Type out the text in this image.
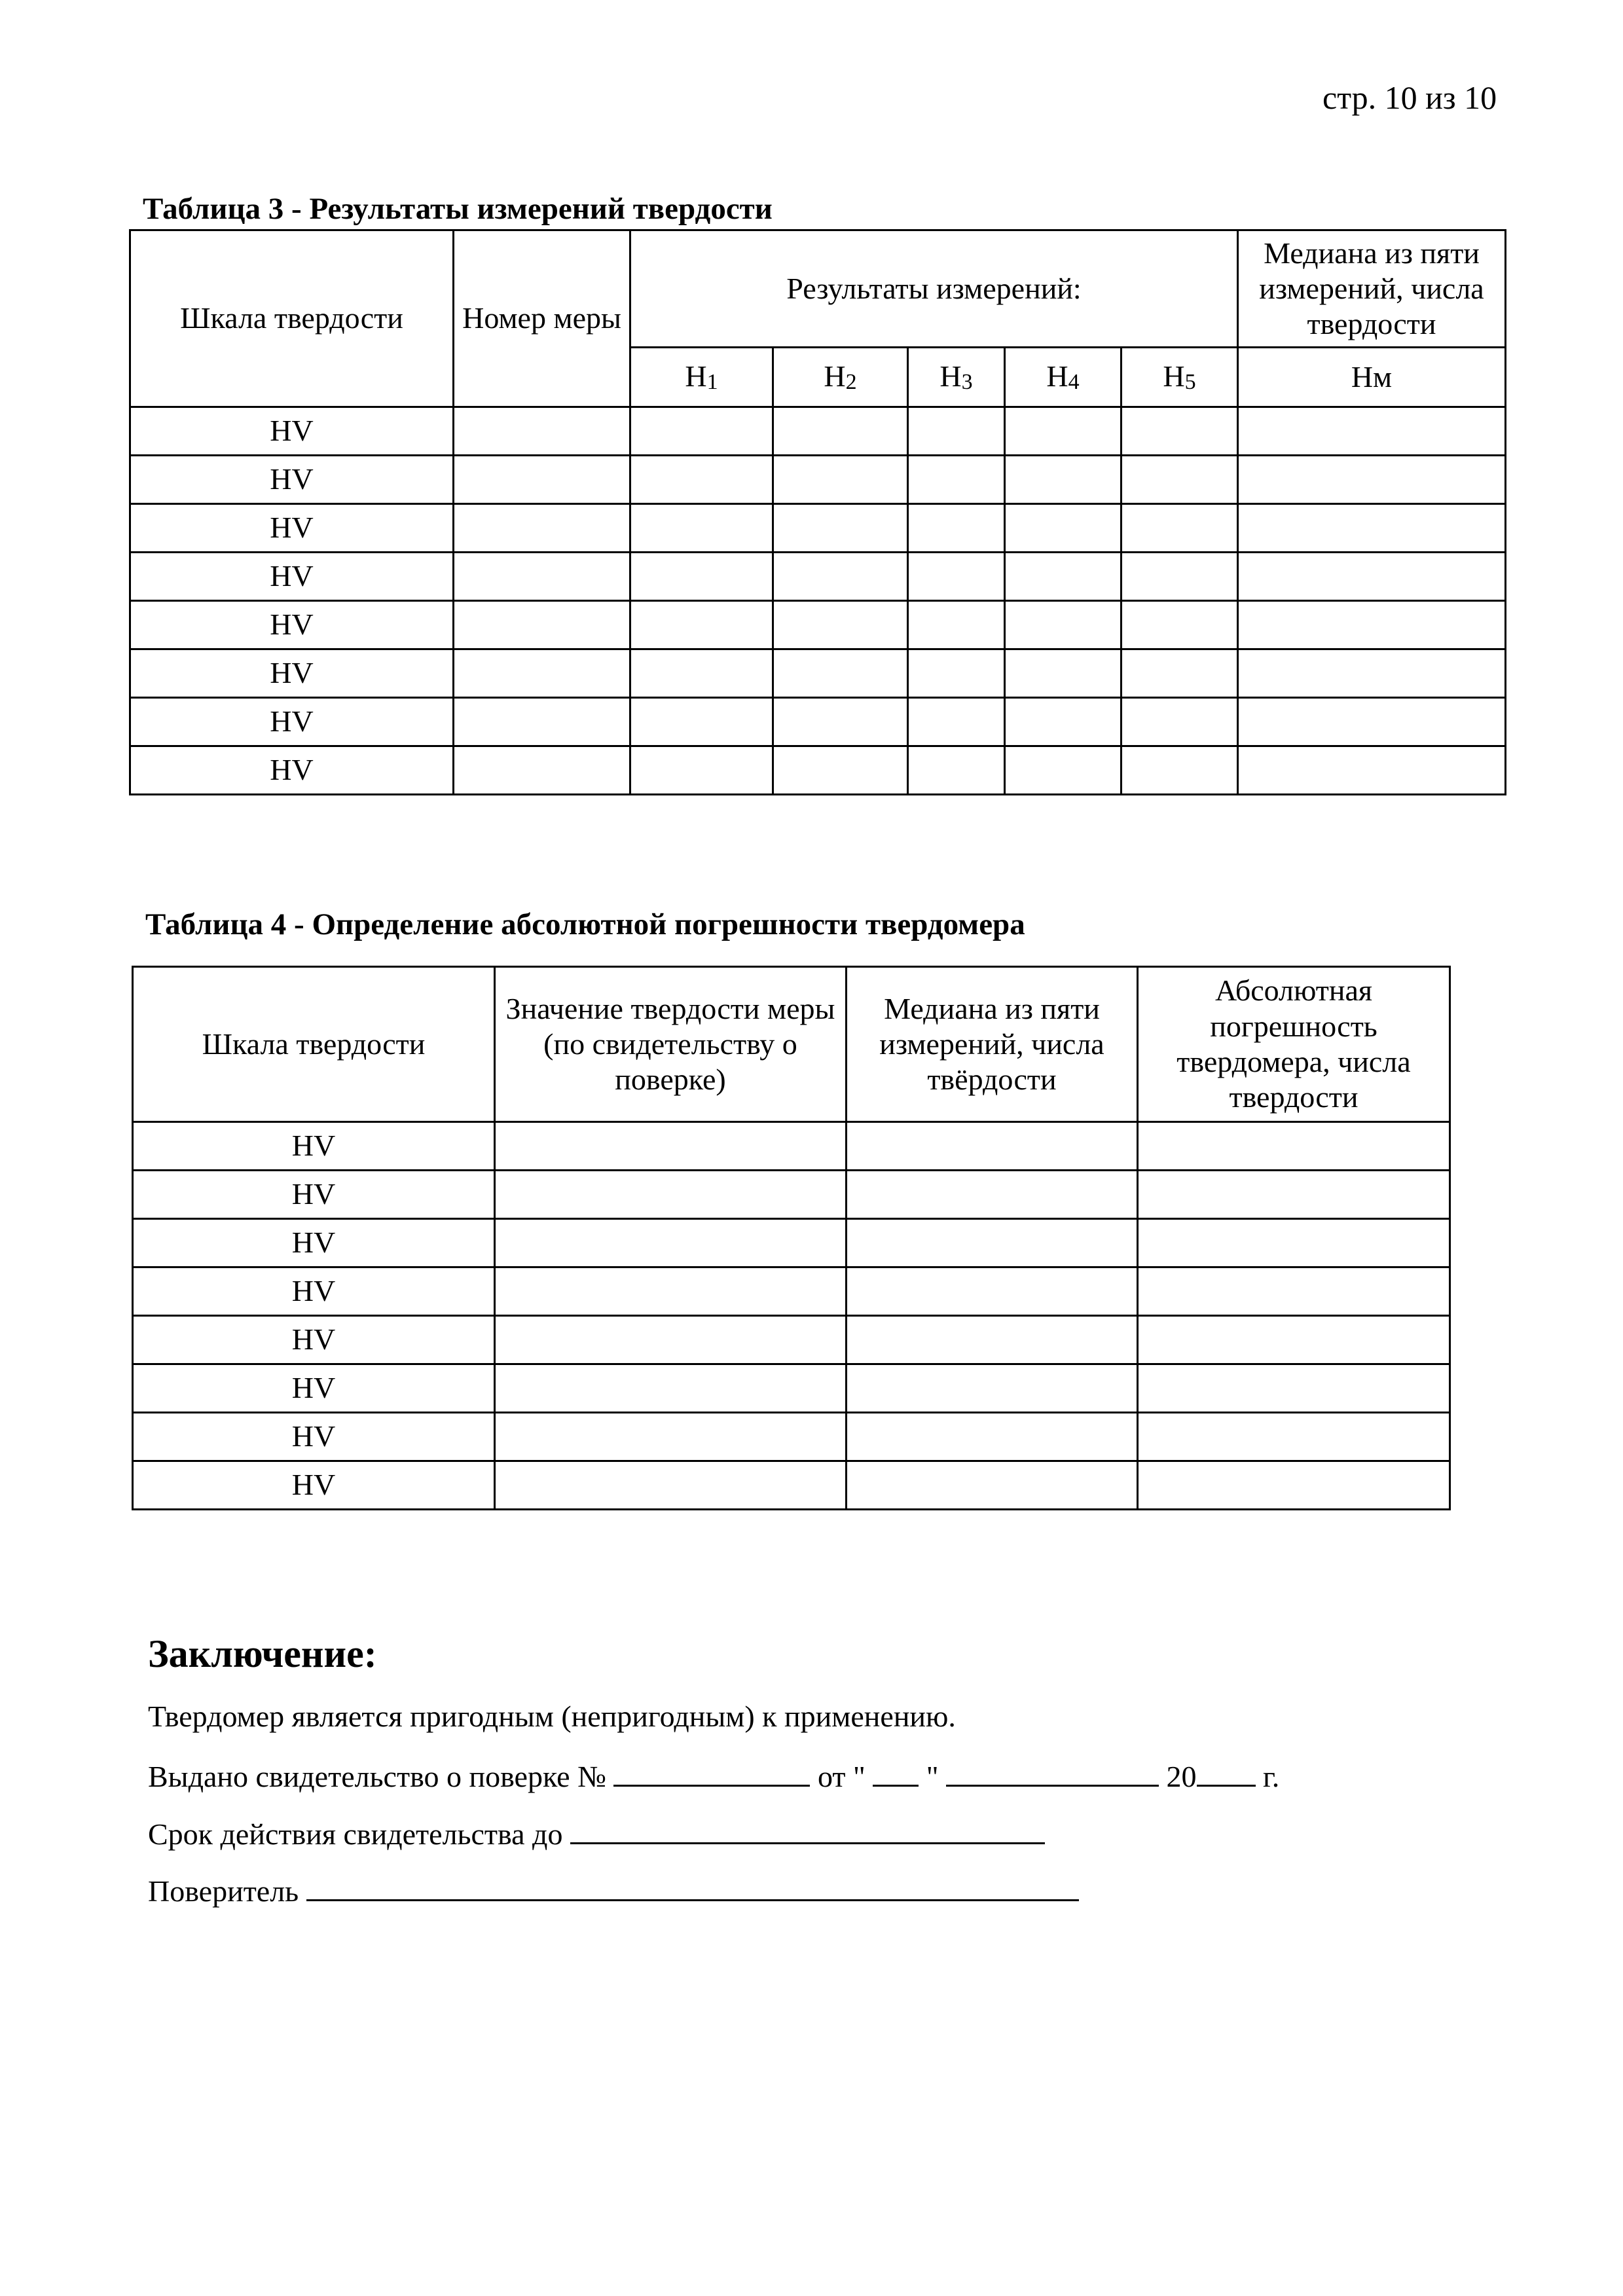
стр. 10 из 10
Таблица 3 - Результаты измерений твердости
Шкала твердости	Номер меры	Результаты измерений:					Медиана из пяти измерений, числа твердости
		$H_1$	$H_2$	$H_3$	$H_4$	$H_5$	Hм
HV							
HV							
HV							
HV							
HV							
HV							
HV							
HV							
Таблица 4 - Определение абсолютной погрешности твердомера
Шкала твердости	Значение твердости меры (по свидетельству о поверке)	Медиана из пяти измерений, числа твёрдости	Абсолютная погрешность твердомера, числа твердости
HV			
HV			
HV			
HV			
HV			
HV			
HV			
HV			
Заключение:
Твердомер является пригодным (непригодным) к применению.
Выдано свидетельство о поверке №	от " "	20 г.
Срок действия свидетельства до
Поверитель
